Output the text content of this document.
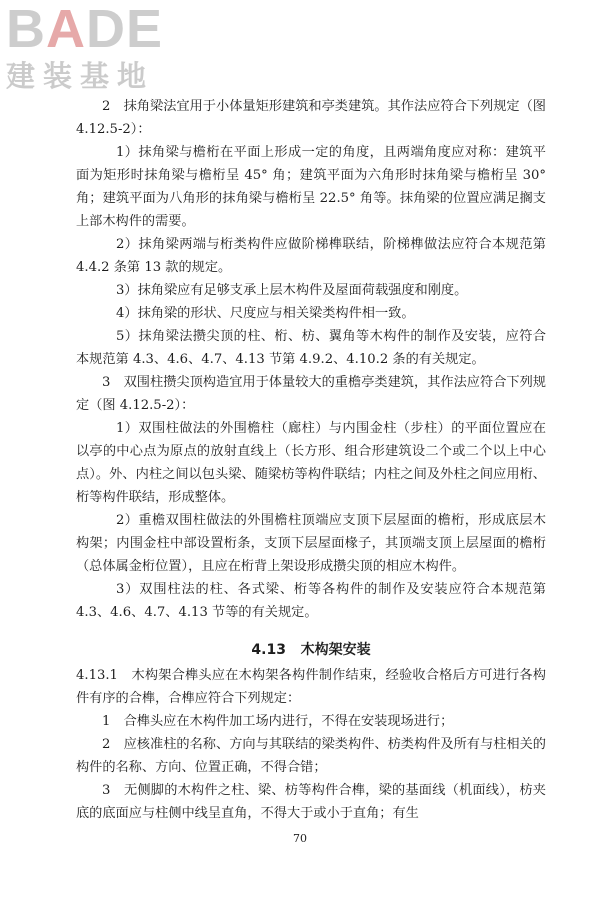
BADE
建装基地

2　抹角梁法宜用于小体量矩形建筑和亭类建筑。其作法应符合下列规定（图 4.12.5-2）：

1）抹角梁与檐桁在平面上形成一定的角度，且两端角度应对称：建筑平面为矩形时抹角梁与檐桁呈 45° 角；建筑平面为六角形时抹角梁与檐桁呈 30° 角；建筑平面为八角形的抹角梁与檐桁呈 22.5° 角等。抹角梁的位置应满足搁支上部木构件的需要。

2）抹角梁两端与桁类构件应做阶梯榫联结，阶梯榫做法应符合本规范第 4.4.2 条第 13 款的规定。

3）抹角梁应有足够支承上层木构件及屋面荷载强度和刚度。

4）抹角梁的形状、尺度应与相关梁类构件相一致。

5）抹角梁法攒尖顶的柱、桁、枋、翼角等木构件的制作及安装，应符合本规范第 4.3、4.6、4.7、4.13 节第 4.9.2、4.10.2 条的有关规定。

3　双围柱攒尖顶构造宜用于体量较大的重檐亭类建筑，其作法应符合下列规定（图 4.12.5-2）：

1）双围柱做法的外围檐柱（廊柱）与内围金柱（步柱）的平面位置应在以亭的中心点为原点的放射直线上（长方形、组合形建筑设二个或二个以上中心点）。外、内柱之间以包头梁、随梁枋等构件联结；内柱之间及外柱之间应用桁、桁等构件联结，形成整体。

2）重檐双围柱做法的外围檐柱顶端应支顶下层屋面的檐桁，形成底层木构架；内围金柱中部设置桁条，支顶下层屋面椽子，其顶端支顶上层屋面的檐桁（总体属金桁位置），且应在桁背上架设形成攒尖顶的相应木构件。

3）双围柱法的柱、各式梁、桁等各构件的制作及安装应符合本规范第 4.3、4.6、4.7、4.13 节等的有关规定。

4.13 木构架安装

4.13.1　木构架合榫头应在木构架各构件制作结束，经验收合格后方可进行各构件有序的合榫，合榫应符合下列规定：

1　合榫头应在木构件加工场内进行，不得在安装现场进行；

2　应核准柱的名称、方向与其联结的梁类构件、枋类构件及所有与柱相关的构件的名称、方向、位置正确，不得合错；

3　无侧脚的木构件之柱、梁、枋等构件合榫，梁的基面线（机面线），枋夹底的底面应与柱侧中线呈直角，不得大于或小于直角；有生

70
